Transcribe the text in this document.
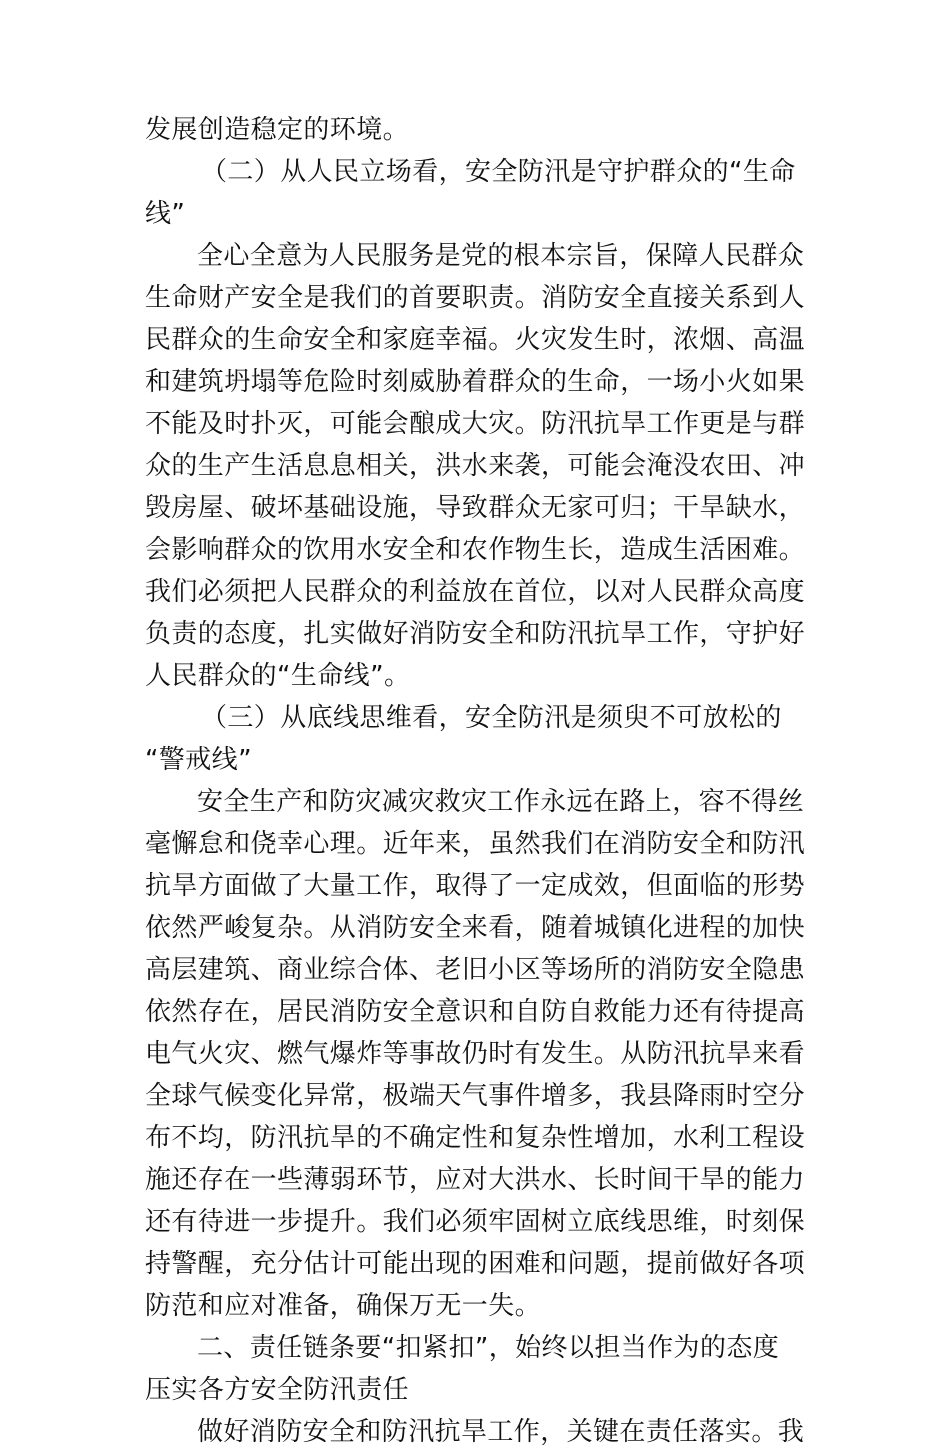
发展创造稳定的环境。
（二）从人民立场看，安全防汛是守护群众的“生命
线”
全心全意为人民服务是党的根本宗旨，保障人民群众
生命财产安全是我们的首要职责。消防安全直接关系到人
民群众的生命安全和家庭幸福。火灾发生时，浓烟、高温
和建筑坍塌等危险时刻威胁着群众的生命，一场小火如果
不能及时扑灭，可能会酿成大灾。防汛抗旱工作更是与群
众的生产生活息息相关，洪水来袭，可能会淹没农田、冲
毁房屋、破坏基础设施，导致群众无家可归；干旱缺水，
会影响群众的饮用水安全和农作物生长，造成生活困难。
我们必须把人民群众的利益放在首位，以对人民群众高度
负责的态度，扎实做好消防安全和防汛抗旱工作，守护好
人民群众的“生命线”。
（三）从底线思维看，安全防汛是须臾不可放松的
“警戒线”
安全生产和防灾减灾救灾工作永远在路上，容不得丝
毫懈怠和侥幸心理。近年来，虽然我们在消防安全和防汛
抗旱方面做了大量工作，取得了一定成效，但面临的形势
依然严峻复杂。从消防安全来看，随着城镇化进程的加快
高层建筑、商业综合体、老旧小区等场所的消防安全隐患
依然存在，居民消防安全意识和自防自救能力还有待提高
电气火灾、燃气爆炸等事故仍时有发生。从防汛抗旱来看
全球气候变化异常，极端天气事件增多，我县降雨时空分
布不均，防汛抗旱的不确定性和复杂性增加，水利工程设
施还存在一些薄弱环节，应对大洪水、长时间干旱的能力
还有待进一步提升。我们必须牢固树立底线思维，时刻保
持警醒，充分估计可能出现的困难和问题，提前做好各项
防范和应对准备，确保万无一失。
二、责任链条要“扣紧扣”，始终以担当作为的态度
压实各方安全防汛责任
做好消防安全和防汛抗旱工作，关键在责任落实。我
